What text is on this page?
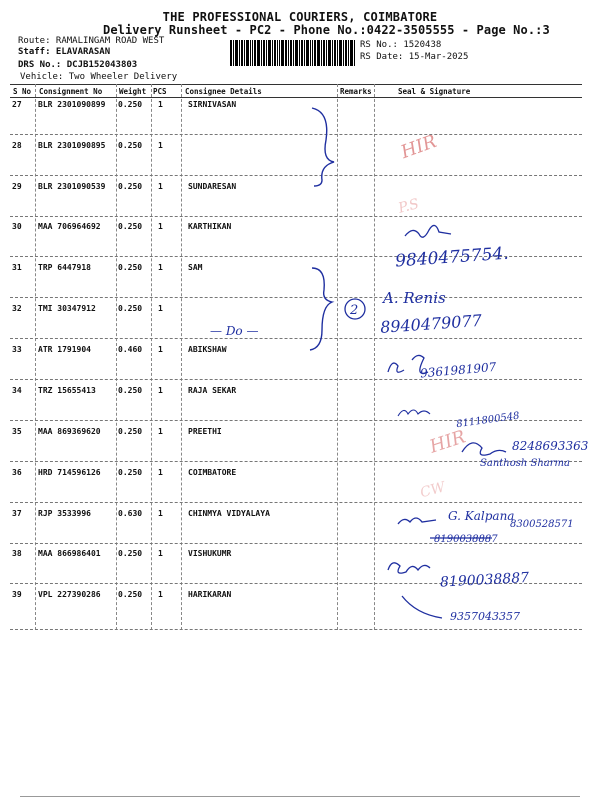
THE PROFESSIONAL COURIERS, COIMBATORE
Delivery Runsheet - PC2 - Phone No.:0422-3505555 - Page No.:3
Route: RAMALINGAM ROAD WEST
Staff: ELAVARASAN
DRS No.: DCJB152043803
Vehicle: Two Wheeler Delivery
RS No.: 1520438
RS Date: 15-Mar-2025
S No Consignment No Weight PCS Consignee Details	Remarks	Seal & Signature
27 BLR 2301090899 0.250 1	SIRNIVASAN
28 BLR 2301090895 0.250 1
29 BLR 2301090539 0.250 1	SUNDARESAN
30 MAA 706964692 0.250 1	KARTHIKAN
31 TRP 6447918	0.250 1	SAM
32 TMI 30347912	0.250 1
33 ATR 1791904	0.460 1	ABIKSHAW
34 TRZ 15655413	0.250 1	RAJA SEKAR
35 MAA 869369620 0.250 1	PREETHI
36 HRD 714596126 0.250 1	COIMBATORE
37 RJP 3533996	0.630 1	CHINMYA VIDYALAYA
38 MAA 866986401 0.250 1	VISHUKUMR
39 VPL 227390286 0.250 1	HARIKARAN
— Do —
2
HIR
P.S
HIR
CW
9840475754.
A. Renis
8940479077
9361981907
8111800548
8248693363
Santhosh Sharma
G. Kalpana
8300528571
8190038887
8190038887
9357043357
